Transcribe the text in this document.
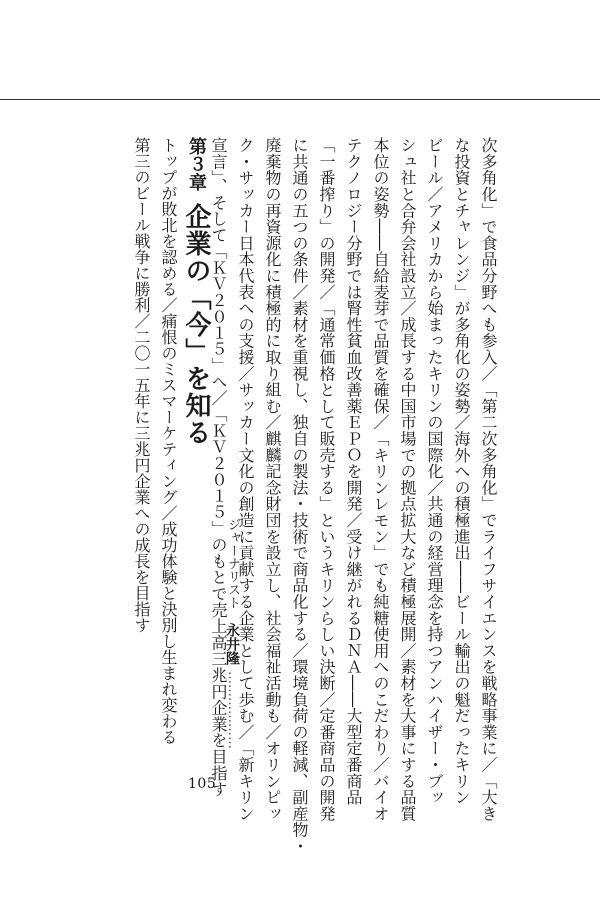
次多角化」で食品分野へも参入／「第二次多角化」でライフサイエンスを戦略事業に／「大き
な投資とチャレンジ」が多角化の姿勢／海外への積極進出――ビール輸出の魁だったキリン
ビール／アメリカから始まったキリンの国際化／共通の経営理念を持つアンハイザー・ブッ
シュ社と合弁会社設立／成長する中国市場での拠点拡大など積極展開／素材を大事にする品質
本位の姿勢――自給麦芽で品質を確保／「キリンレモン」でも純糖使用へのこだわり／バイオ
テクノロジー分野では腎性貧血改善薬ＥＰＯを開発／受け継がれるＤＮＡ――大型定番商品
「一番搾り」の開発／「通常価格として販売する」というキリンらしい決断／定番商品の開発
に共通の五つの条件／素材を重視し、独自の製法・技術で商品化する／環境負荷の軽減、副産物・
廃棄物の再資源化に積極的に取り組む／麒麟記念財団を設立し、社会福祉活動も／オリンピッ
ク・サッカー日本代表への支援／サッカー文化の創造に貢献する企業として歩む／「新キリン
宣言」、そして「ＫＶ２０１５」へ／「ＫＶ２０１５」のもとで売上高三兆円企業を目指す
ジャーナリスト永井隆………………
第３章企業の「今」を知る
トップが敗北を認める／痛恨のミスマーケティング／成功体験と決別し生まれ変わる
第三のビール戦争に勝利／二〇一五年に三兆円企業への成長を目指す
105
